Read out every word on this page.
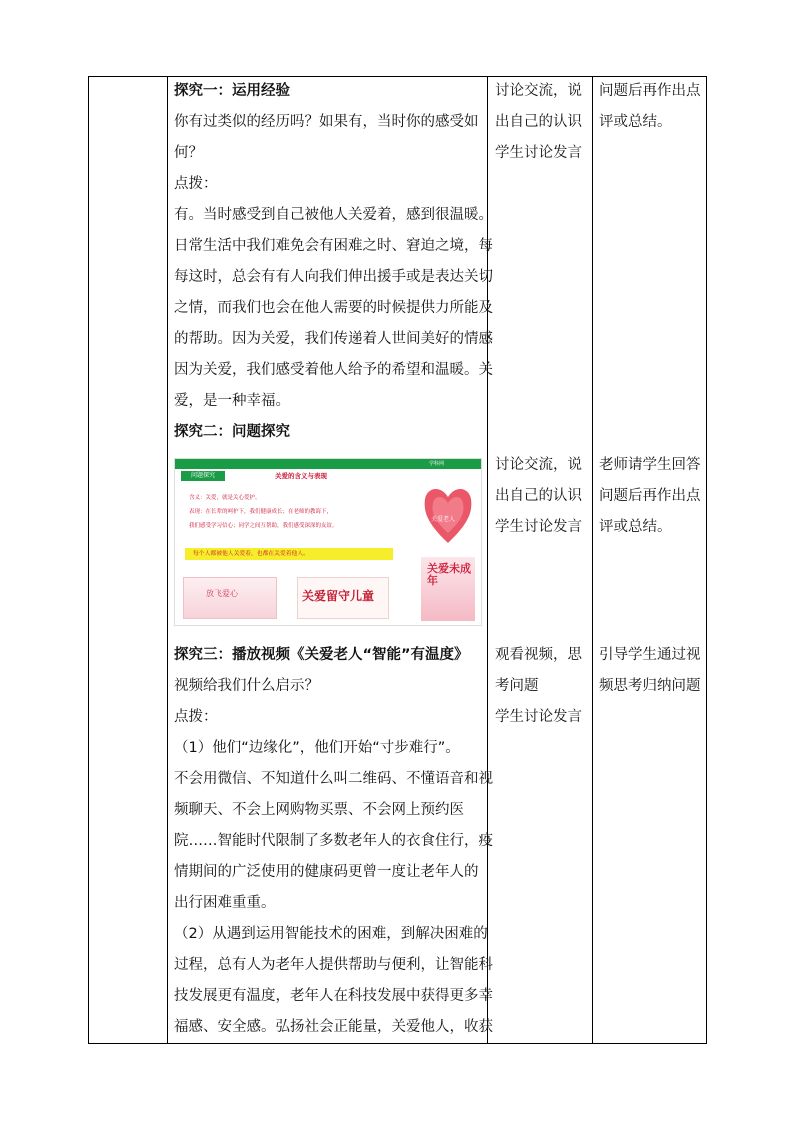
探究一：运用经验

你有过类似的经历吗？如果有，当时你的感受如

何？

点拨：

有。当时感受到自己被他人关爱着，感到很温暖。

日常生活中我们难免会有困难之时、窘迫之境，每

每这时，总会有有人向我们伸出援手或是表达关切

之情，而我们也会在他人需要的时候提供力所能及

的帮助。因为关爱，我们传递着人世间美好的情感

因为关爱，我们感受着他人给予的希望和温暖。关

爱，是一种幸福。

探究二：问题探究

学科网
问题探究	关爱的含义与表现
含义：关爱，就是关心爱护。
表现：在长辈的呵护下，我们健康成长；在老师的教诲下，
我们感受学习信心；同学之间互帮助，我们感受深深的友谊。
每个人都被他人关爱着，也都在关爱着他人。
关爱老人
放飞爱心	关爱留守儿童
关爱未成年

探究三：播放视频《关爱老人“智能”有温度》

视频给我们什么启示？

点拨：

（1）他们“边缘化”，他们开始“寸步难行”。

不会用微信、不知道什么叫二维码、不懂语音和视

频聊天、不会上网购物买票、不会网上预约医

院……智能时代限制了多数老年人的衣食住行，疫

情期间的广泛使用的健康码更曾一度让老年人的

出行困难重重。

（2）从遇到运用智能技术的困难，到解决困难的

过程，总有人为老年人提供帮助与便利，让智能科

技发展更有温度，老年人在科技发展中获得更多幸

福感、安全感。弘扬社会正能量，关爱他人，收获

讨论交流，说

出自己的认识

学生讨论发言

讨论交流，说

出自己的认识

学生讨论发言

观看视频，思

考问题

学生讨论发言

问题后再作出点

评或总结。

老师请学生回答

问题后再作出点

评或总结。

引导学生通过视

频思考归纳问题
